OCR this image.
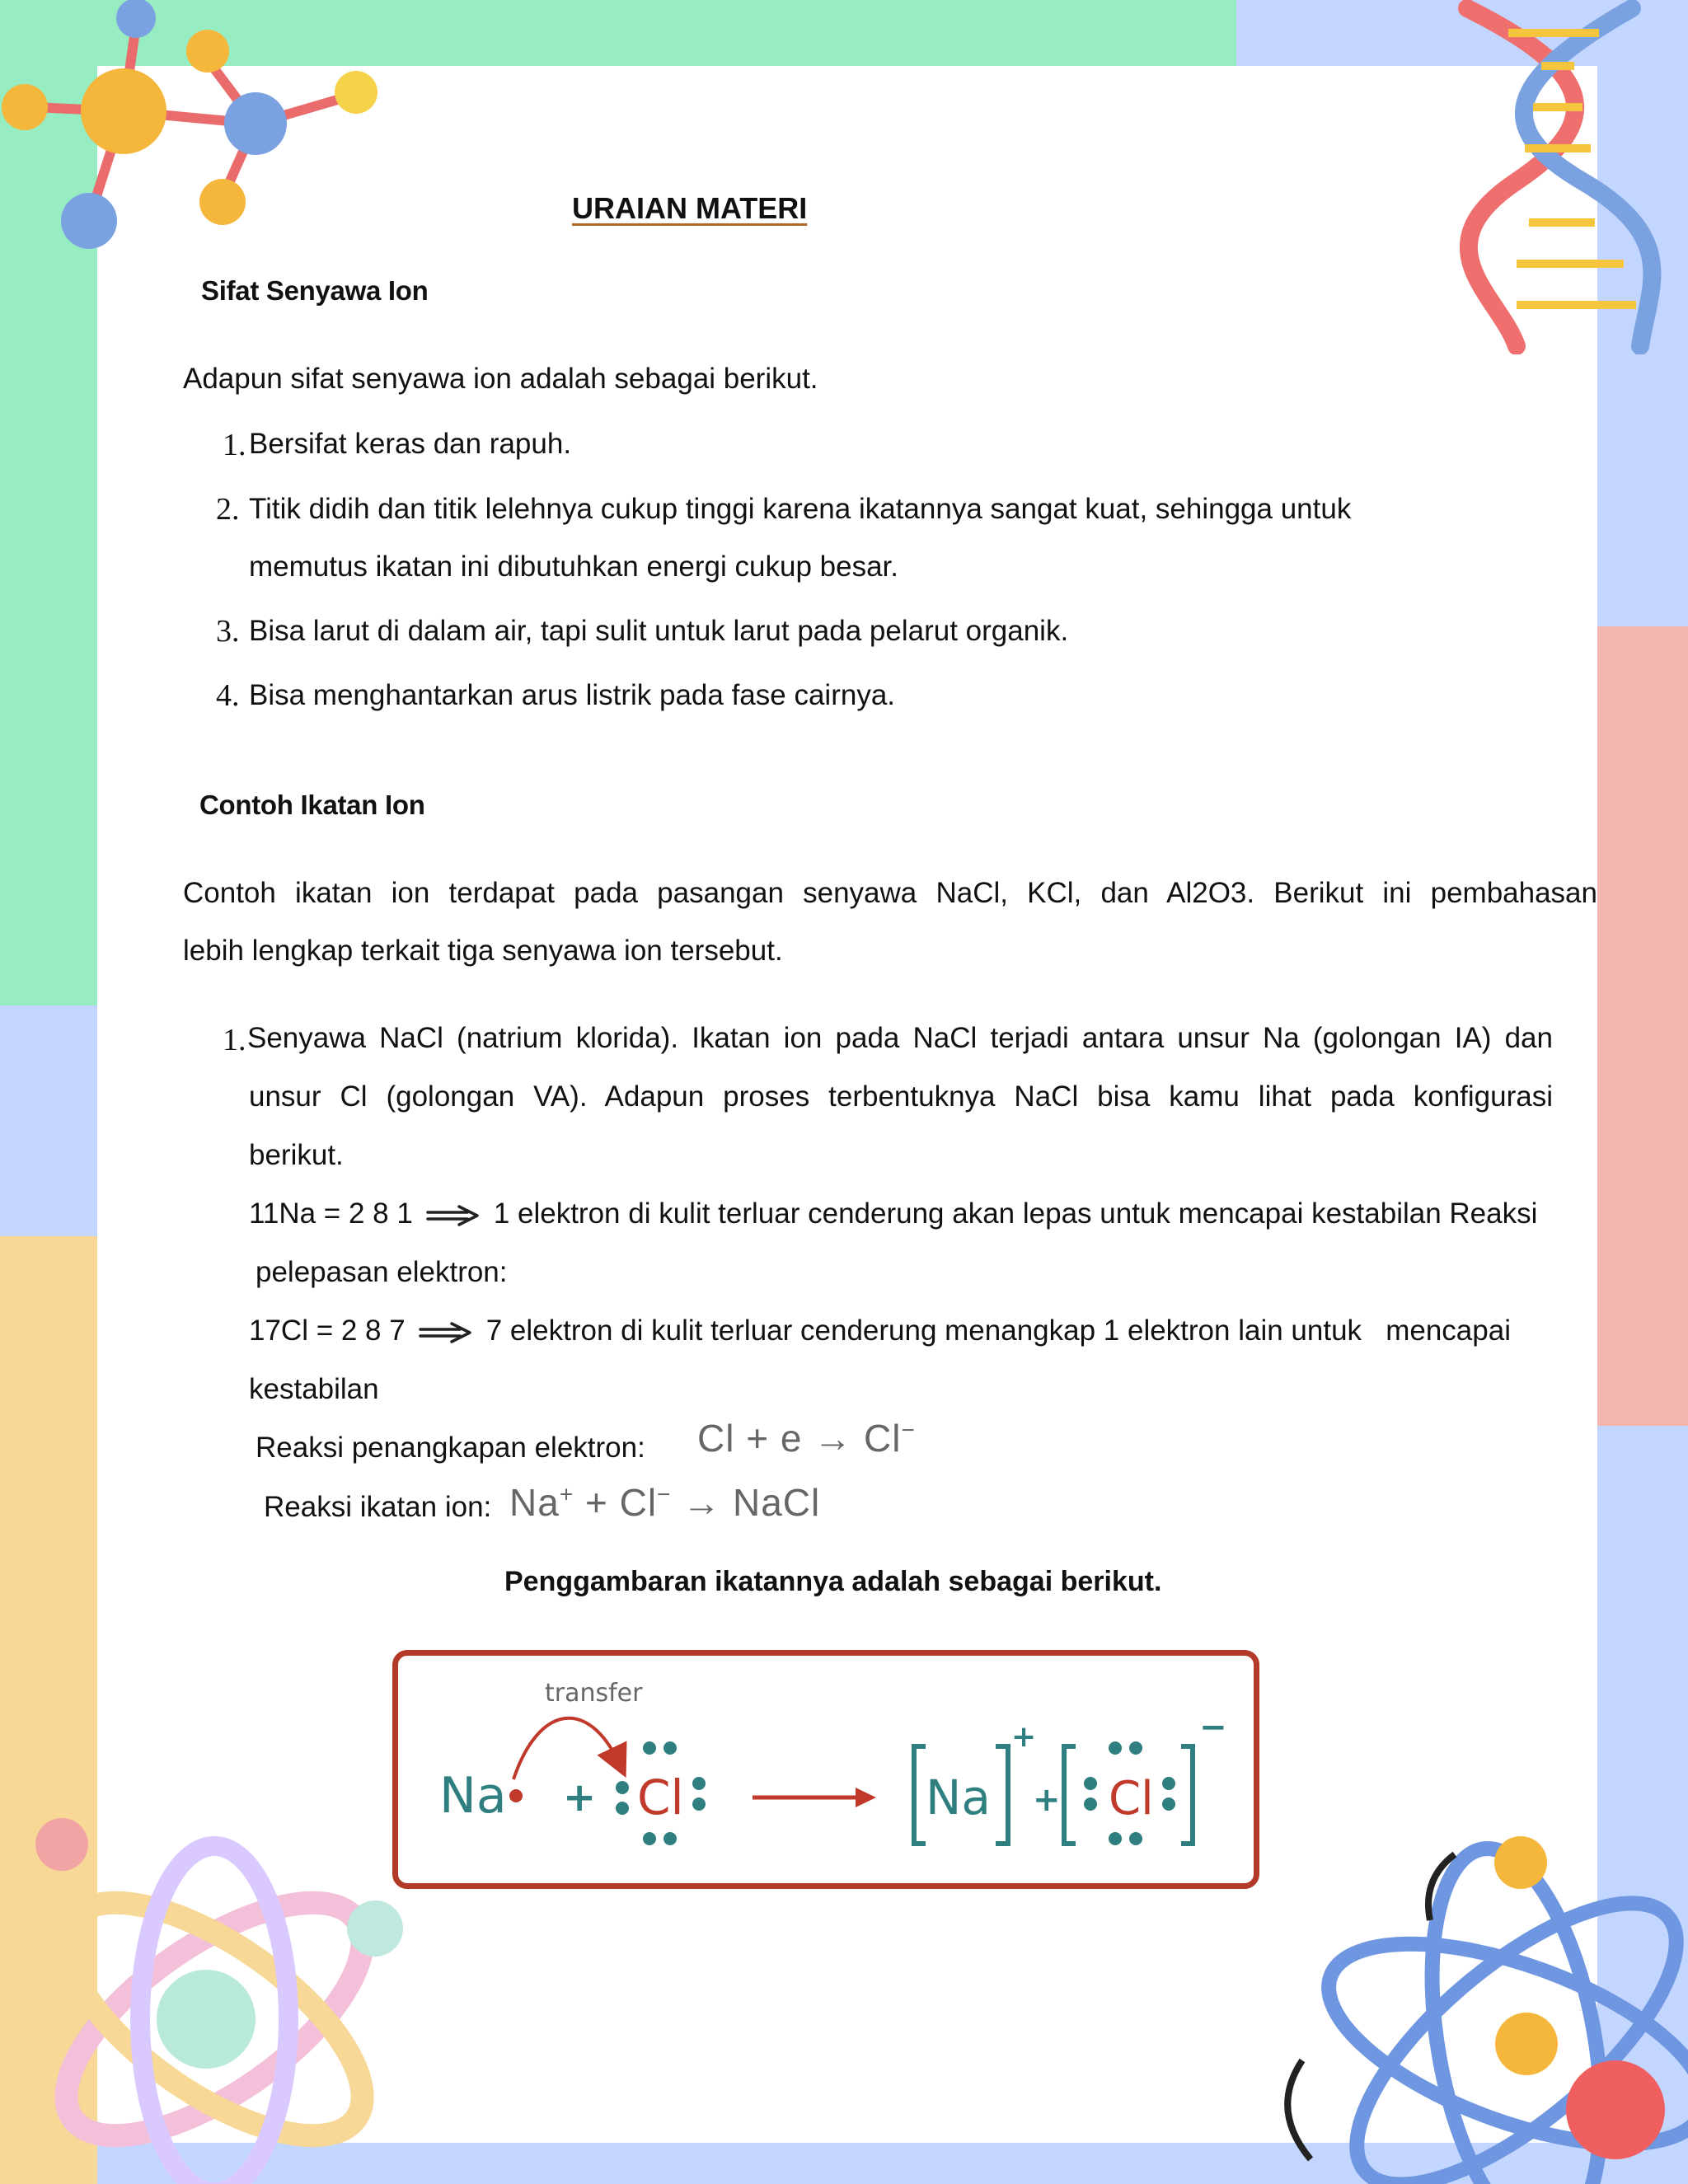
URAIAN MATERI
Sifat Senyawa Ion
Adapun sifat senyawa ion adalah sebagai berikut.
1. Bersifat keras dan rapuh.
2. Titik didih dan titik lelehnya cukup tinggi karena ikatannya sangat kuat, sehingga untuk
memutus ikatan ini dibutuhkan energi cukup besar.
3. Bisa larut di dalam air, tapi sulit untuk larut pada pelarut organik.
4. Bisa menghantarkan arus listrik pada fase cairnya.
Contoh Ikatan Ion
Contoh ikatan ion terdapat pada pasangan senyawa NaCl, KCl, dan Al2O3. Berikut ini pembahasan
lebih lengkap terkait tiga senyawa ion tersebut.
1. Senyawa NaCl (natrium klorida). Ikatan ion pada NaCl terjadi antara unsur Na (golongan IA) dan
unsur Cl (golongan VA). Adapun proses terbentuknya NaCl bisa kamu lihat pada konfigurasi
berikut.
11Na = 2 8 1	1 elektron di kulit terluar cenderung akan lepas untuk mencapai kestabilan Reaksi
pelepasan elektron:
17Cl = 2 8 7	7 elektron di kulit terluar cenderung menangkap 1 elektron lain untuk   mencapai
kestabilan
Reaksi penangkapan elektron: Cl + e → Cl−
Reaksi ikatan ion: Na+ + Cl− → NaCl
Penggambaran ikatannya adalah sebagai berikut.
transfer
Na + Cl	Na
+
+ Cl
−
